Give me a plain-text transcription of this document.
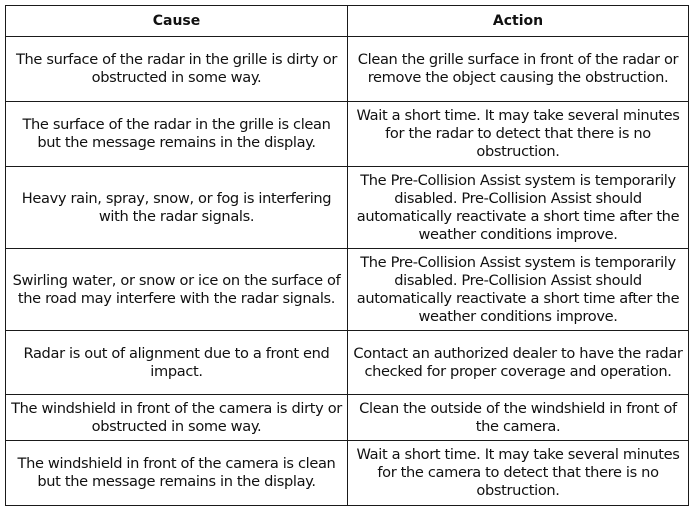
Cause	Action
The surface of the radar in the grille is dirty or obstructed in some way.	Clean the grille surface in front of the radar or remove the object causing the obstruction.
The surface of the radar in the grille is clean but the message remains in the display.	Wait a short time. It may take several minutes for the radar to detect that there is no obstruction.
Heavy rain, spray, snow, or fog is interfering with the radar signals.	The Pre-Collision Assist system is temporarily disabled. Pre-Collision Assist should automatically reactivate a short time after the weather conditions improve.
Swirling water, or snow or ice on the surface of the road may interfere with the radar signals.	The Pre-Collision Assist system is temporarily disabled. Pre-Collision Assist should automatically reactivate a short time after the weather conditions improve.
Radar is out of alignment due to a front end impact.	Contact an authorized dealer to have the radar checked for proper coverage and operation.
The windshield in front of the camera is dirty or obstructed in some way.	Clean the outside of the windshield in front of the camera.
The windshield in front of the camera is clean but the message remains in the display.	Wait a short time. It may take several minutes for the camera to detect that there is no obstruction.
